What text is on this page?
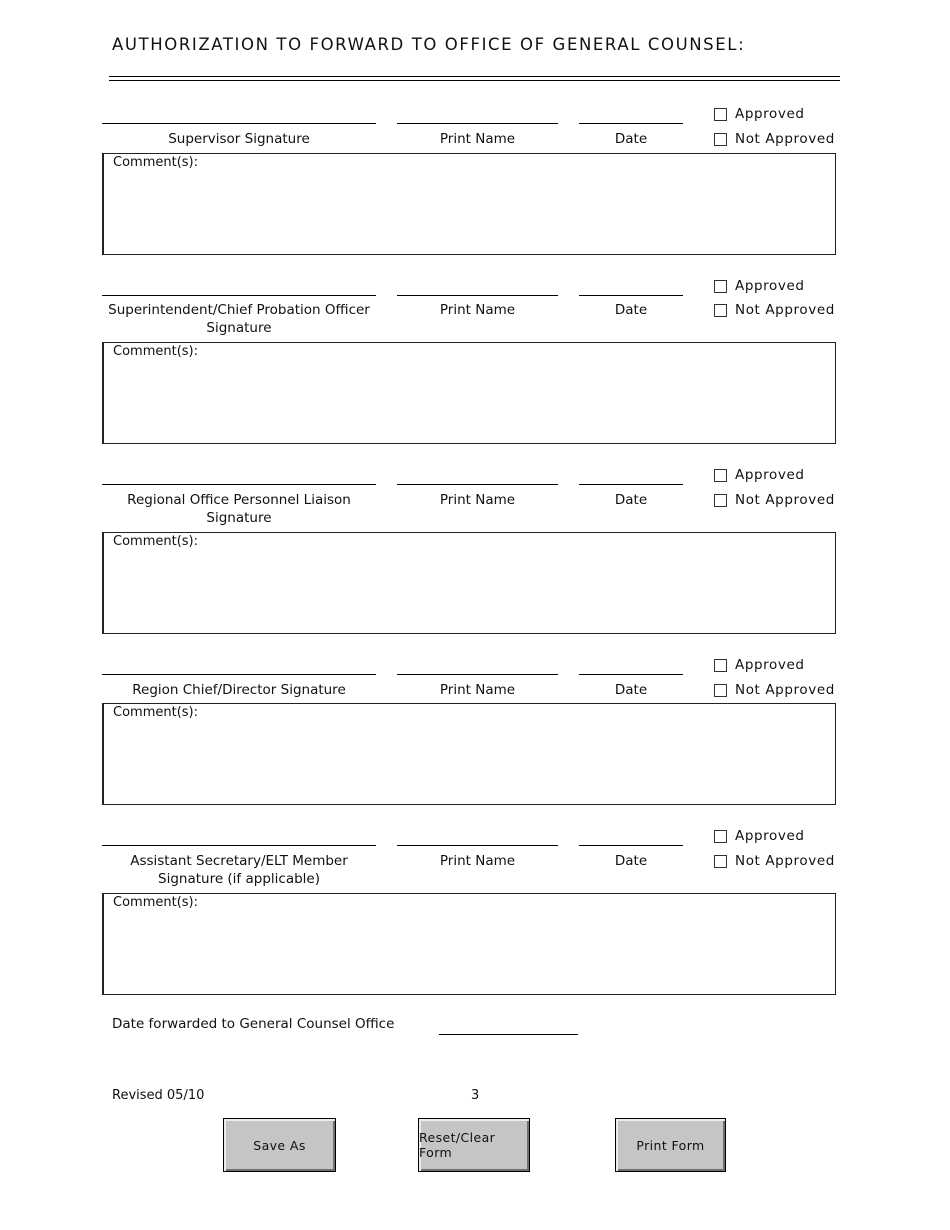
AUTHORIZATION TO FORWARD TO OFFICE OF GENERAL COUNSEL:
Supervisor Signature	Print Name	Date
Approved
Not Approved
Comment(s):
Superintendent/Chief Probation Officer
Signature
Print Name	Date
Approved
Not Approved
Comment(s):
Regional Office Personnel Liaison
Signature
Print Name	Date
Approved
Not Approved
Comment(s):
Region Chief/Director Signature	Print Name	Date
Approved
Not Approved
Comment(s):
Assistant Secretary/ELT Member
Signature (if applicable)
Print Name	Date
Approved
Not Approved
Comment(s):
Date forwarded to General Counsel Office
Revised 05/10	3
Save As	Reset/Clear Form	Print Form
